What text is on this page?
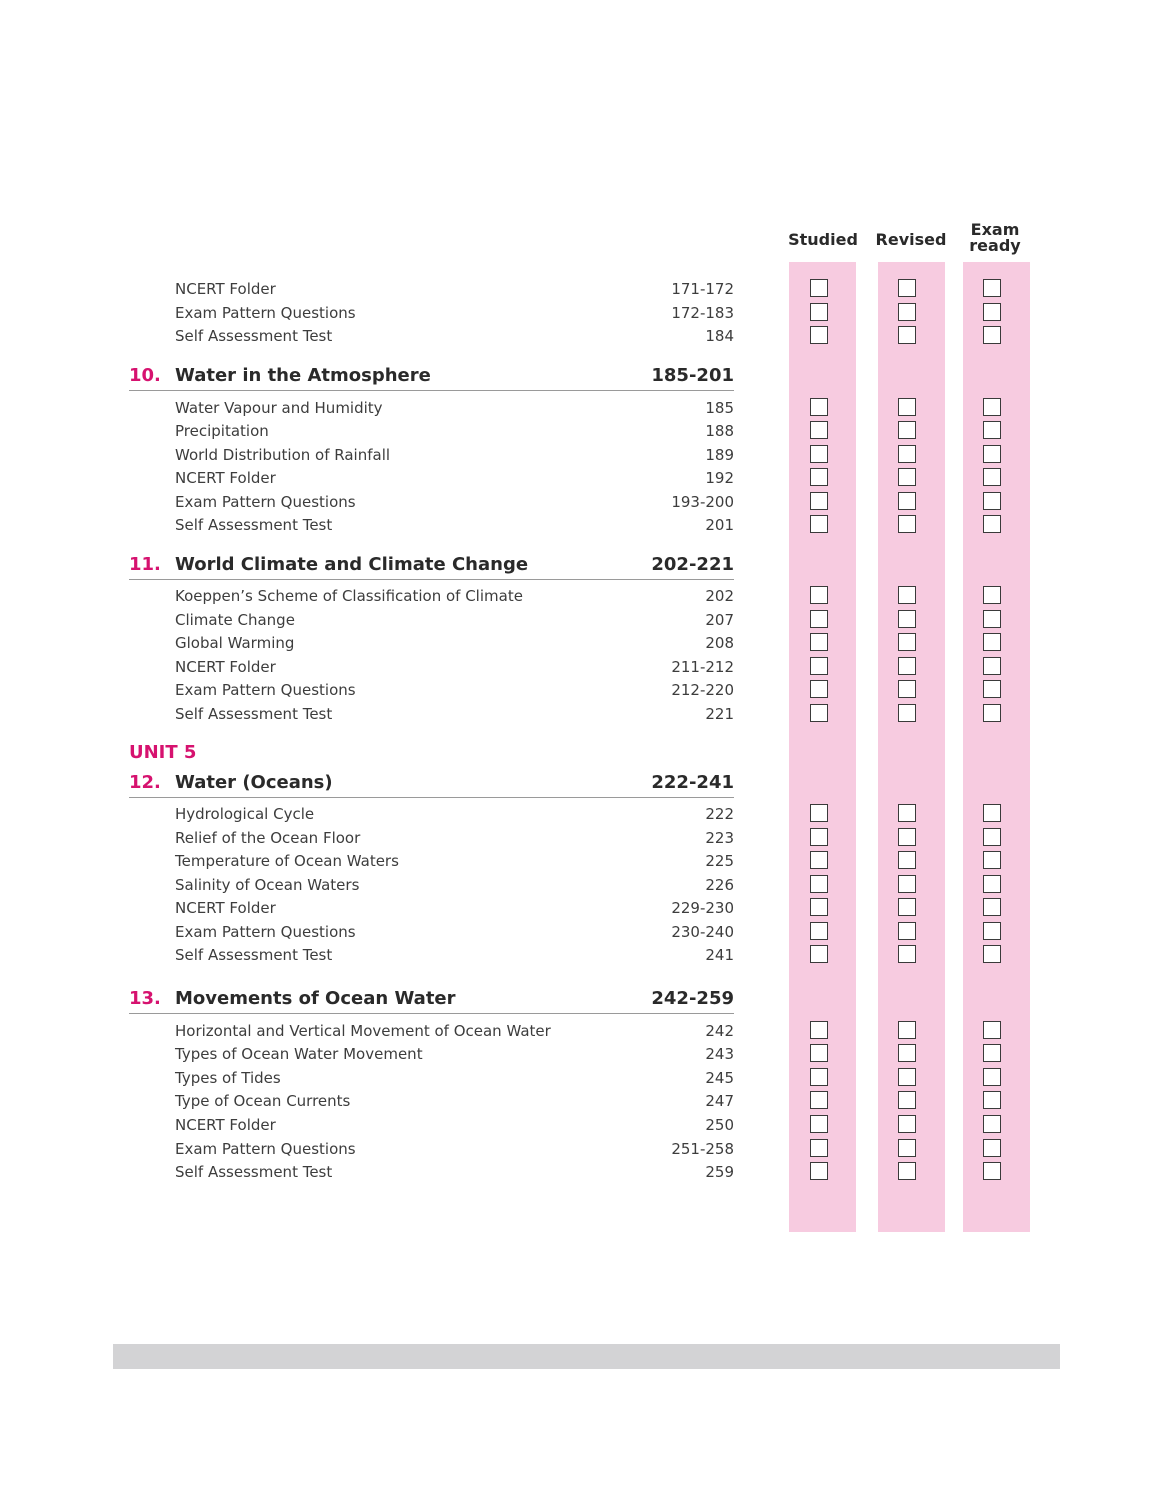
Studied	Revised
Exam
ready
NCERT Folder	171-172
Exam Pattern Questions	172-183
Self Assessment Test	184
10. Water in the Atmosphere	185-201
Water Vapour and Humidity	185
Precipitation	188
World Distribution of Rainfall	189
NCERT Folder	192
Exam Pattern Questions	193-200
Self Assessment Test	201
11. World Climate and Climate Change	202-221
Koeppen’s Scheme of Classification of Climate	202
Climate Change	207
Global Warming	208
NCERT Folder	211-212
Exam Pattern Questions	212-220
Self Assessment Test	221
UNIT 5
12. Water (Oceans)	222-241
Hydrological Cycle	222
Relief of the Ocean Floor	223
Temperature of Ocean Waters	225
Salinity of Ocean Waters	226
NCERT Folder	229-230
Exam Pattern Questions	230-240
Self Assessment Test	241
13. Movements of Ocean Water	242-259
Horizontal and Vertical Movement of Ocean Water	242
Types of Ocean Water Movement	243
Types of Tides	245
Type of Ocean Currents	247
NCERT Folder	250
Exam Pattern Questions	251-258
Self Assessment Test	259
